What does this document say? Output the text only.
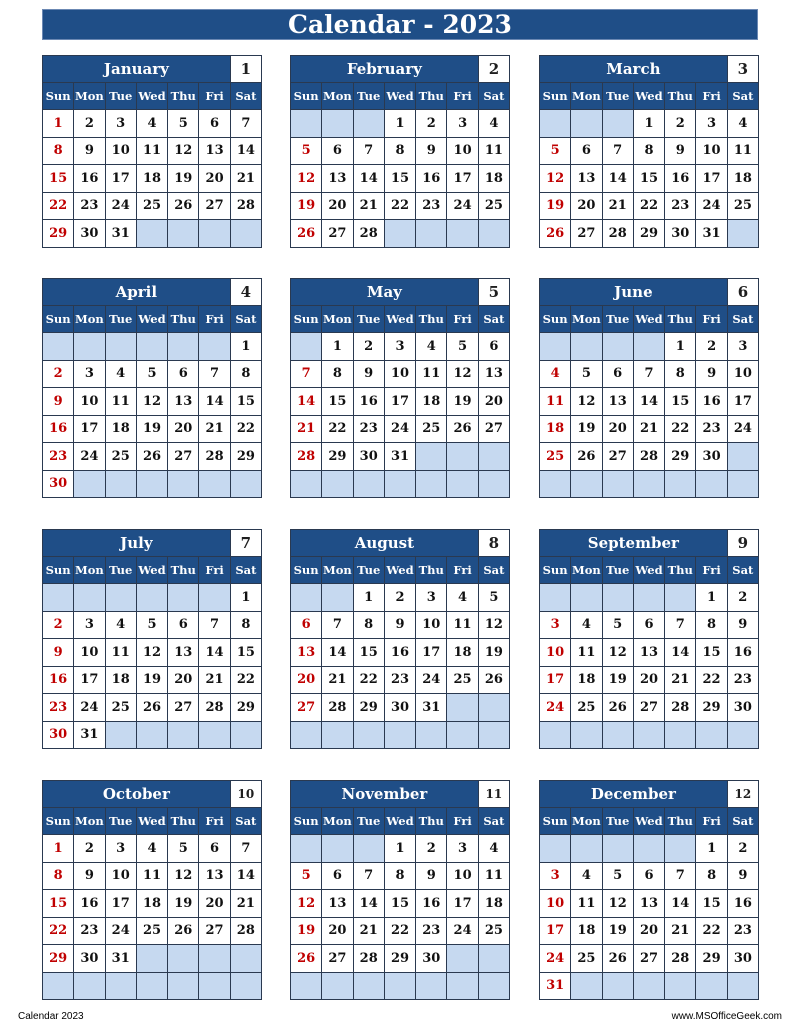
Calendar - 2023
January						1
Sun	Mon	Tue	Wed	Thu	Fri	Sat
1	2	3	4	5	6	7
8	9	10	11	12	13	14
15	16	17	18	19	20	21
22	23	24	25	26	27	28
29	30	31				
February						2
Sun	Mon	Tue	Wed	Thu	Fri	Sat
			1	2	3	4
5	6	7	8	9	10	11
12	13	14	15	16	17	18
19	20	21	22	23	24	25
26	27	28				
March						3
Sun	Mon	Tue	Wed	Thu	Fri	Sat
			1	2	3	4
5	6	7	8	9	10	11
12	13	14	15	16	17	18
19	20	21	22	23	24	25
26	27	28	29	30	31	
April						4
Sun	Mon	Tue	Wed	Thu	Fri	Sat
						1
2	3	4	5	6	7	8
9	10	11	12	13	14	15
16	17	18	19	20	21	22
23	24	25	26	27	28	29
30						
May						5
Sun	Mon	Tue	Wed	Thu	Fri	Sat
	1	2	3	4	5	6
7	8	9	10	11	12	13
14	15	16	17	18	19	20
21	22	23	24	25	26	27
28	29	30	31			

June						6
Sun	Mon	Tue	Wed	Thu	Fri	Sat
				1	2	3
4	5	6	7	8	9	10
11	12	13	14	15	16	17
18	19	20	21	22	23	24
25	26	27	28	29	30	

July						7
Sun	Mon	Tue	Wed	Thu	Fri	Sat
						1
2	3	4	5	6	7	8
9	10	11	12	13	14	15
16	17	18	19	20	21	22
23	24	25	26	27	28	29
30	31					
August						8
Sun	Mon	Tue	Wed	Thu	Fri	Sat
		1	2	3	4	5
6	7	8	9	10	11	12
13	14	15	16	17	18	19
20	21	22	23	24	25	26
27	28	29	30	31		

September						9
Sun	Mon	Tue	Wed	Thu	Fri	Sat
					1	2
3	4	5	6	7	8	9
10	11	12	13	14	15	16
17	18	19	20	21	22	23
24	25	26	27	28	29	30

October						10
Sun	Mon	Tue	Wed	Thu	Fri	Sat
1	2	3	4	5	6	7
8	9	10	11	12	13	14
15	16	17	18	19	20	21
22	23	24	25	26	27	28
29	30	31				

November						11
Sun	Mon	Tue	Wed	Thu	Fri	Sat
			1	2	3	4
5	6	7	8	9	10	11
12	13	14	15	16	17	18
19	20	21	22	23	24	25
26	27	28	29	30		

December						12
Sun	Mon	Tue	Wed	Thu	Fri	Sat
					1	2
3	4	5	6	7	8	9
10	11	12	13	14	15	16
17	18	19	20	21	22	23
24	25	26	27	28	29	30
31						
Calendar 2023	www.MSOfficeGeek.com
